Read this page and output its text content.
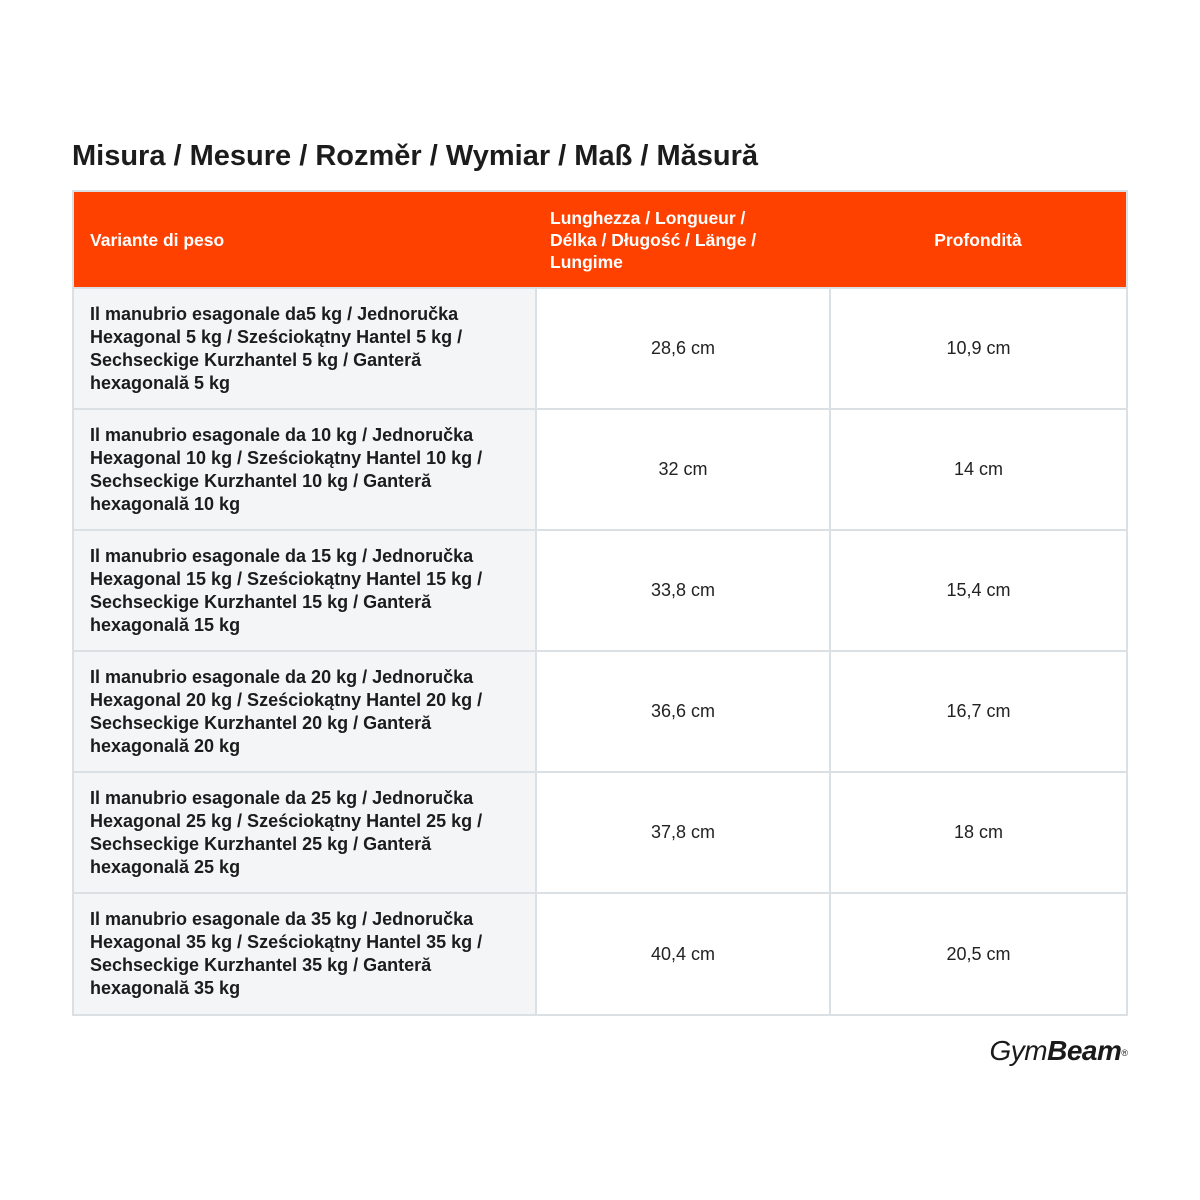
Misura / Mesure / Rozměr / Wymiar / Maß / Măsură
Variante di peso	Lunghezza / Longueur / Délka / Długość / Länge / Lungime	Profondità
Il manubrio esagonale da5 kg / Jednoručka Hexagonal 5 kg / Sześciokątny Hantel 5 kg / Sechseckige Kurzhantel 5 kg / Ganteră hexagonală 5 kg	28,6 cm	10,9 cm
Il manubrio esagonale da 10 kg / Jednoručka Hexagonal 10 kg / Sześciokątny Hantel 10 kg / Sechseckige Kurzhantel 10 kg / Ganteră hexagonală 10 kg	32 cm	14 cm
Il manubrio esagonale da 15 kg / Jednoručka Hexagonal 15 kg / Sześciokątny Hantel 15 kg / Sechseckige Kurzhantel 15 kg / Ganteră hexagonală 15 kg	33,8 cm	15,4 cm
Il manubrio esagonale da 20 kg / Jednoručka Hexagonal 20 kg / Sześciokątny Hantel 20 kg / Sechseckige Kurzhantel 20 kg / Ganteră hexagonală 20 kg	36,6 cm	16,7 cm
Il manubrio esagonale da 25 kg / Jednoručka Hexagonal 25 kg / Sześciokątny Hantel 25 kg / Sechseckige Kurzhantel 25 kg / Ganteră hexagonală 25 kg	37,8 cm	18 cm
Il manubrio esagonale da 35 kg / Jednoručka Hexagonal 35 kg / Sześciokątny Hantel 35 kg / Sechseckige Kurzhantel 35 kg / Ganteră hexagonală 35 kg	40,4 cm	20,5 cm
GymBeam®
